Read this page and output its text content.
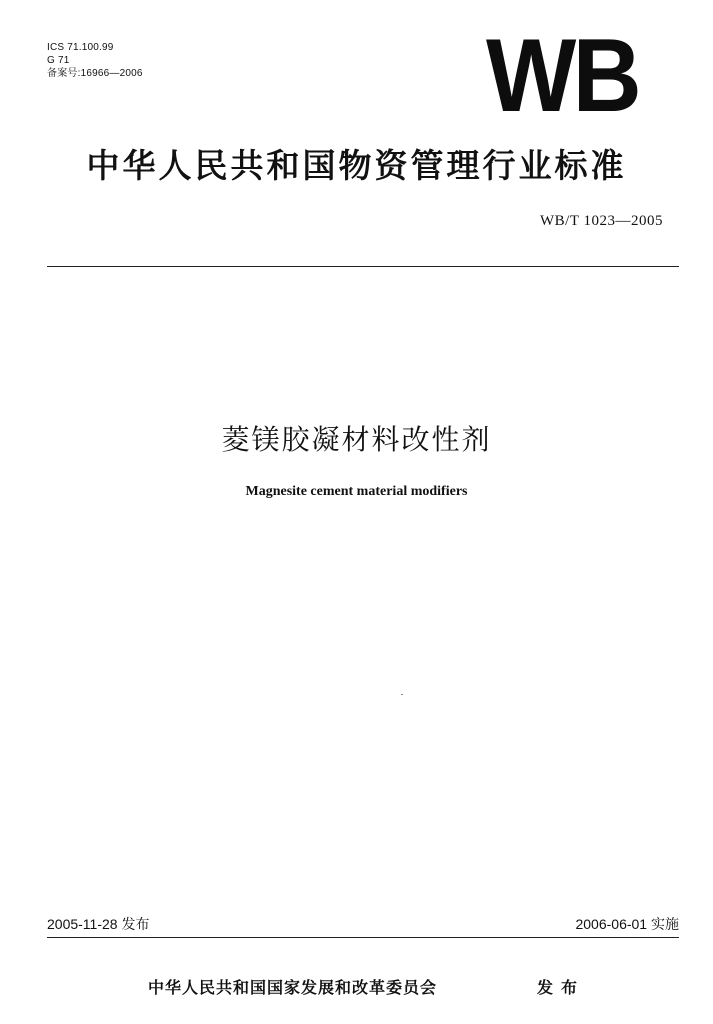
ICS 71.100.99
G 71
备案号:16966—2006	WB
中华人民共和国物资管理行业标准
WB/T 1023—2005
菱镁胶凝材料改性剂
Magnesite cement material modifiers
2005-11-28 发布	2006-06-01 实施
中华人民共和国国家发展和改革委员会	发布
